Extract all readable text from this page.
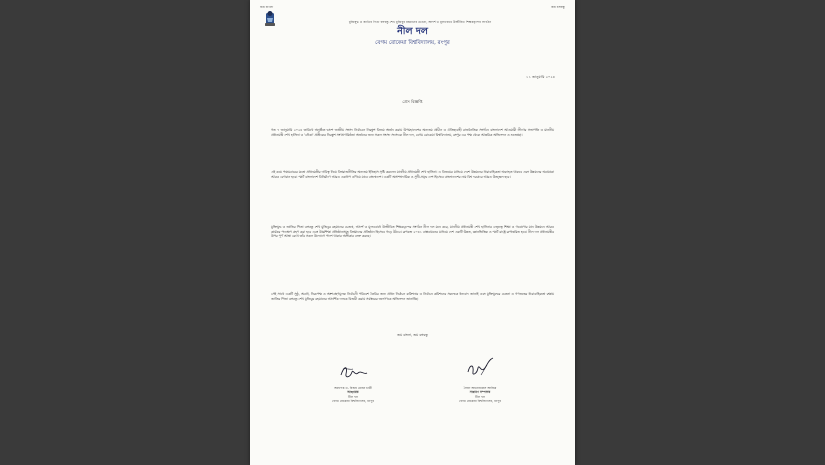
জয় বাংলা	জয় বঙ্গবন্ধু

মুক্তিযুদ্ধ ও জাতির পিতা বঙ্গবন্ধু শেখ মুজিবুর রহমানের চেতনা, আদর্শ ও মূল্যবোধে উজ্জীবিত শিক্ষকবৃন্দের সংগঠন

নীল দল

বেগম রোকেয়া বিশ্ববিদ্যালয়, রংপুর

১১ জানুয়ারি ২০২৪

প্রেস বিজ্ঞপ্তি

গত ৭ জানুয়ারি ২০২৪ তারিখে অনুষ্ঠিত দ্বাদশ জাতীয় সংসদ নির্বাচনে নিরঙ্কুশ বিজয় অর্জন করায় উপমহাদেশের অন্যতম প্রাচীন ও ঐতিহ্যবাহী রাজনৈতিক সংগঠন বাংলাদেশ আওয়ামী লীগের সভাপতি ও মাননীয় প্রধানমন্ত্রী শেখ হাসিনা ও 'নৌকা' প্রতীকের নিরঙ্কুশ সংখ্যাগরিষ্ঠতা অর্জনের জন্য সকল সংসদ সদস্যকে নীল দল, বেগম রোকেয়া বিশ্ববিদ্যালয়, রংপুর এর পক্ষ থেকে আন্তরিক অভিনন্দন ও শুভেচ্ছা।

এই কয়ে পঞ্চমবারের মতো প্রধানমন্ত্রীর দায়িত্ব নিয়ে বিশ্বরাজনীতির অন্যতম ইতিহাস সৃষ্টি করলেন মাননীয় প্রধানমন্ত্রী শেখ হাসিনা। এ বিজয়ের মাধ্যমে দেশে উন্নয়নের ধারাবাহিকতা অব্যাহত থাকবে এবং উন্নয়নের অগ্রযাত্রা আরও বেগবান হবে। স্মার্ট বাংলাদেশ বিনির্মাণে আরও একধাপ এগিয়ে যাবে বাংলাদেশ। একটি অসাম্প্রদায়িক ও সুখী-সমৃদ্ধ দেশ হিসেবে বাংলাদেশের নাম বিশ্ব দরবারে আরও উজ্জ্বল হবে।

মুক্তিযুদ্ধ ও জাতির পিতা বঙ্গবন্ধু শেখ মুজিবুর রহমানের চেতনা, আদর্শ ও মূল্যবোধে উজ্জীবিত শিক্ষকবৃন্দের সংগঠন নীল দল মনে করে, মাননীয় প্রধানমন্ত্রী শেখ হাসিনার নেতৃত্বে শিক্ষা ও গবেষণার মান উন্নয়নে আরও কার্যকর পদক্ষেপ গ্রহণ করা হবে এবং উচ্চশিক্ষা প্রতিষ্ঠানসমূহ বিশ্বমানের প্রতিষ্ঠান হিসেবে গড়ে উঠবে। রূপকল্প ২০৪১ বাস্তবায়নের মাধ্যমে দেশ একটি উন্নত, জ্ঞানভিত্তিক ও স্মার্ট রাষ্ট্রে রূপান্তরিত হবে। নীল দল প্রধানমন্ত্রীর উপর পূর্ণ আস্থা রেখে তাঁর সকল উদ্যোগে পাশে থাকার অঙ্গীকার ব্যক্ত করছে।

সেই সাথে একটি সুষ্ঠু, অবাধ, নিরপেক্ষ ও অংশগ্রহণমূলক নির্বাচনী পরিবেশ তৈরির জন্য প্রধান নির্বাচন কমিশনার ও নির্বাচন কমিশনের সকলকে ধন্যবাদ জানাই এবং মুক্তিযুদ্ধের চেতনা ও গণতন্ত্রের ধারাবাহিকতা রক্ষায় জাতির পিতা বঙ্গবন্ধু শেখ মুজিবুর রহমানের আদর্শিক দলকে বিজয়ী করায় সর্বস্তরের জনগণকে অভিনন্দন জানাচ্ছি।

জয় বাংলা, জয় বঙ্গবন্ধু

অধ্যাপক ড. বিজয় মোহন চাকী
আহ্বায়ক
নীল দল
বেগম রোকেয়া বিশ্ববিদ্যালয়, রংপুর
সৈয়দ আনোয়ারুল আজিম
সাধারণ সম্পাদক
নীল দল
বেগম রোকেয়া বিশ্ববিদ্যালয়, রংপুর
